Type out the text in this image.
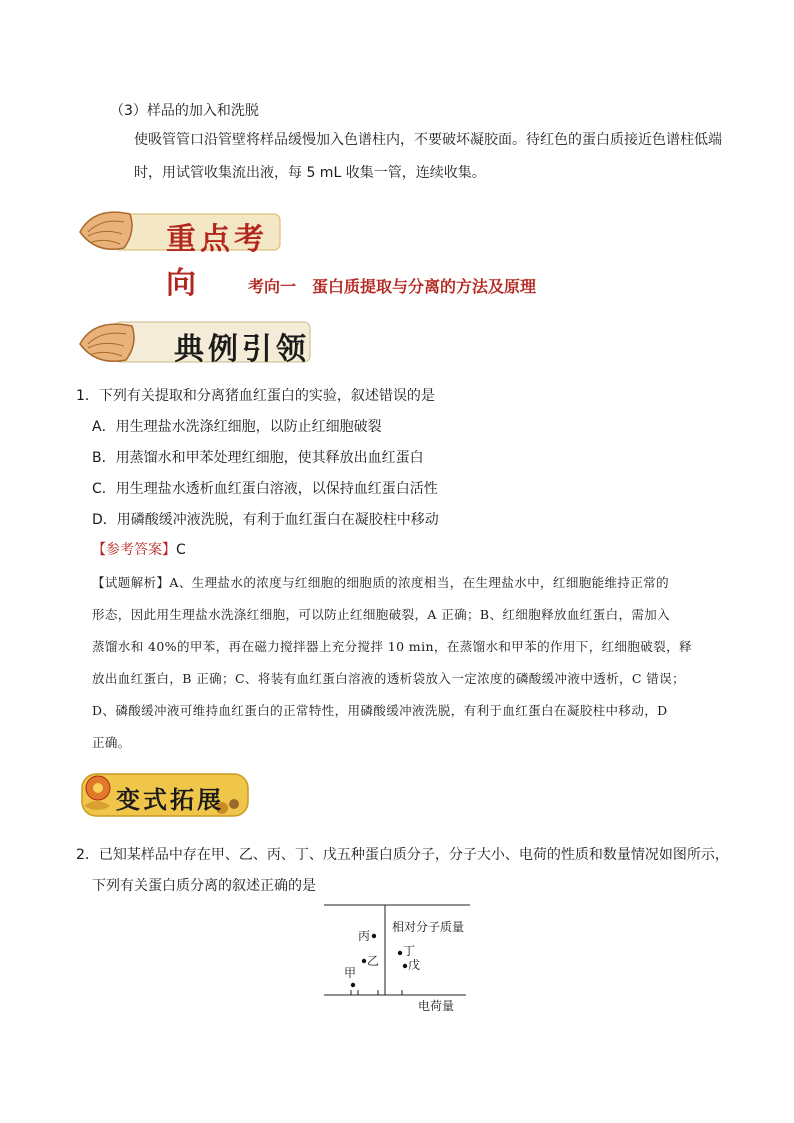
（3）样品的加入和洗脱
使吸管管口沿管壁将样品缓慢加入色谱柱内，不要破坏凝胶面。待红色的蛋白质接近色谱柱低端
时，用试管收集流出液，每 5 mL 收集一管，连续收集。
重点考向	考向一　蛋白质提取与分离的方法及原理
典例引领
1．下列有关提取和分离猪血红蛋白的实验，叙述错误的是
A．用生理盐水洗涤红细胞，以防止红细胞破裂
B．用蒸馏水和甲苯处理红细胞，使其释放出血红蛋白
C．用生理盐水透析血红蛋白溶液，以保持血红蛋白活性
D．用磷酸缓冲液洗脱，有利于血红蛋白在凝胶柱中移动
【参考答案】C
【试题解析】A、生理盐水的浓度与红细胞的细胞质的浓度相当，在生理盐水中，红细胞能维持正常的
形态，因此用生理盐水洗涤红细胞，可以防止红细胞破裂，A 正确；B、红细胞释放血红蛋白，需加入
蒸馏水和 40%的甲苯，再在磁力搅拌器上充分搅拌 10 min，在蒸馏水和甲苯的作用下，红细胞破裂，释
放出血红蛋白，B 正确；C、将装有血红蛋白溶液的透析袋放入一定浓度的磷酸缓冲液中透析，C 错误；
D、磷酸缓冲液可维持血红蛋白的正常特性，用磷酸缓冲液洗脱，有利于血红蛋白在凝胶柱中移动，D
正确。
变式拓展
2．已知某样品中存在甲、乙、丙、丁、戊五种蛋白质分子，分子大小、电荷的性质和数量情况如图所示，
下列有关蛋白质分离的叙述正确的是
相对分子质量
电荷量
丙
乙
甲
丁
戊
